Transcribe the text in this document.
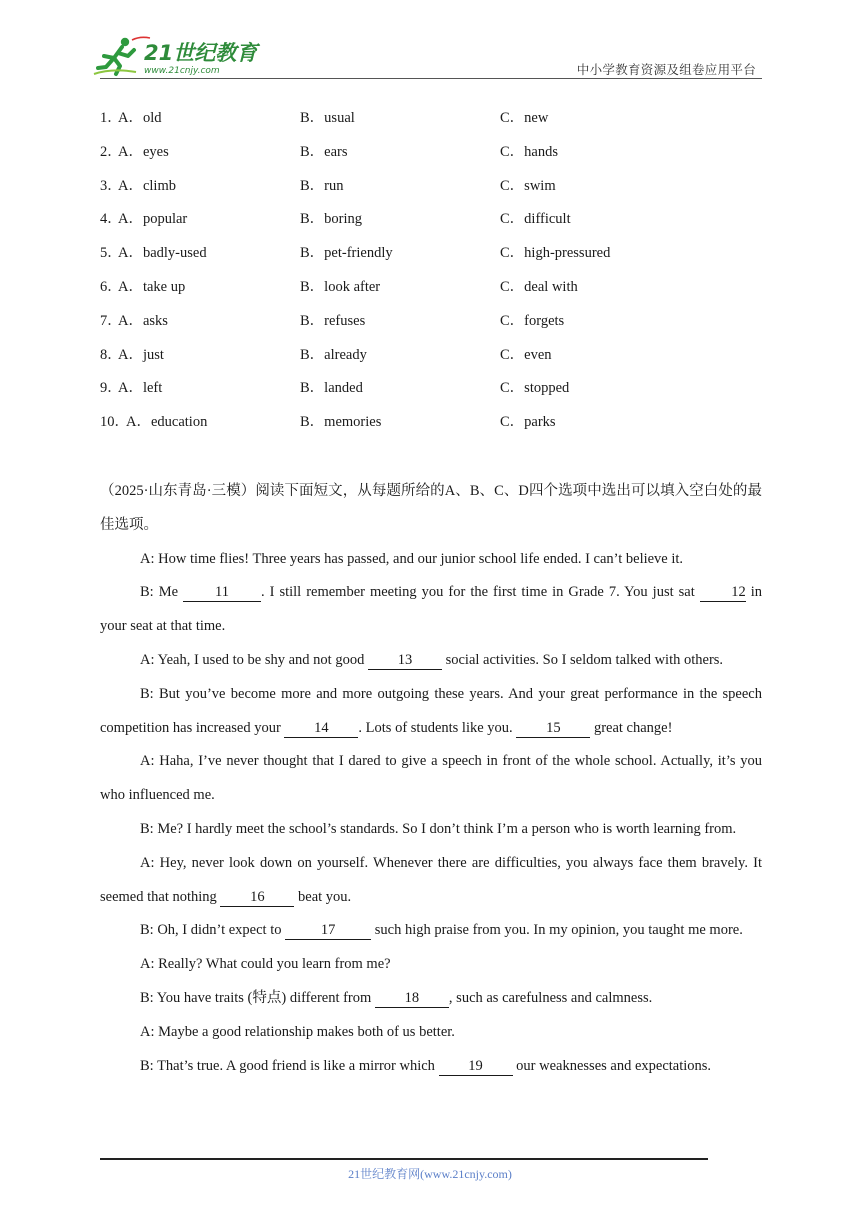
21世纪教育
www.21cnjy.com	中小学教育资源及组卷应用平台
1．
A．old	B．usual	C．new
2．
A．eyes	B．ears	C．hands
3．
A．climb	B．run	C．swim
4．
A．popular	B．boring	C．difficult
5．
A．badly-used	B．pet-friendly	C．high-pressured
6．
A．take up	B．look after	C．deal with
7．
A．asks	B．refuses	C．forgets
8．
A．just	B．already	C．even
9．
A．left	B．landed	C．stopped
10．
A．education	B．memories	C．parks

（2025·山东青岛·三模）阅读下面短文，从每题所给的A、B、C、D四个选项中选出可以填入空白处的最佳选项。

A: How time flies! Three years has passed, and our junior school life ended. I can’t believe it.

B: Me 11 . I still remember meeting you for the first time in Grade 7. You just sat 12 in your seat at that time.

A: Yeah, I used to be shy and not good 13 social activities. So I seldom talked with others.

B: But you’ve become more and more outgoing these years. And your great performance in the speech competition has increased your 14 . Lots of students like you. 15 great change!

A: Haha, I’ve never thought that I dared to give a speech in front of the whole school. Actually, it’s you who influenced me.

B: Me? I hardly meet the school’s standards. So I don’t think I’m a person who is worth learning from.

A: Hey, never look down on yourself. Whenever there are difficulties, you always face them bravely. It seemed that nothing 16 beat you.

B: Oh, I didn’t expect to 17 such high praise from you. In my opinion, you taught me more.

A: Really? What could you learn from me?

B: You have traits (特点) different from 18 , such as carefulness and calmness.

A: Maybe a good relationship makes both of us better.

B: That’s true. A good friend is like a mirror which 19 our weaknesses and expectations.

21世纪教育网(www.21cnjy.com)
